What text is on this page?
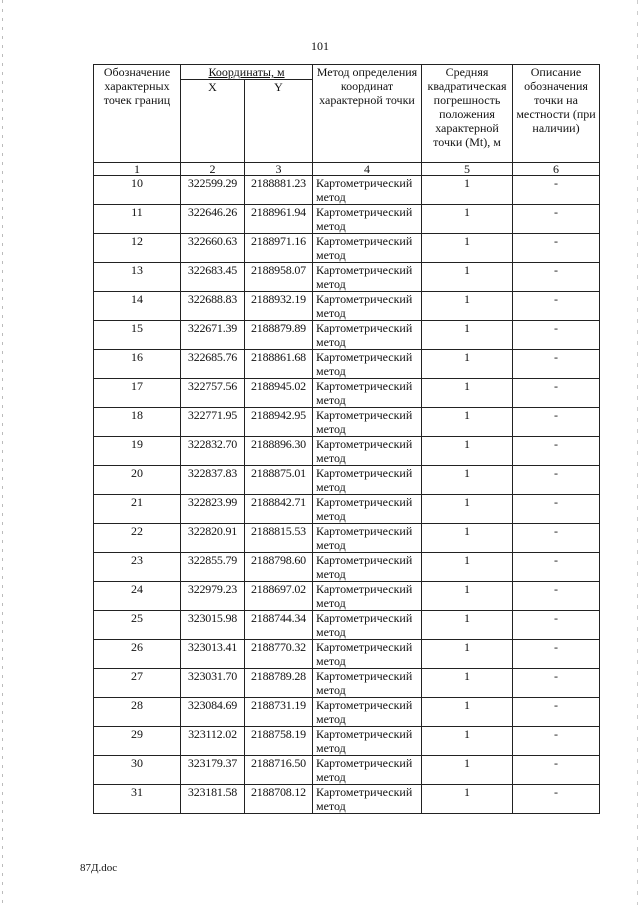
101
Обозначение характерных точек границ	Координаты, м		Метод определения координат характерной точки	Средняя квадратическая погрешность положения характерной точки (Mt), м	Описание обозначения точки на местности (при наличии)
	X	Y			
1	2	3	4	5	6
10	322599.29	2188881.23	Картометрический метод	1	-
11	322646.26	2188961.94	Картометрический метод	1	-
12	322660.63	2188971.16	Картометрический метод	1	-
13	322683.45	2188958.07	Картометрический метод	1	-
14	322688.83	2188932.19	Картометрический метод	1	-
15	322671.39	2188879.89	Картометрический метод	1	-
16	322685.76	2188861.68	Картометрический метод	1	-
17	322757.56	2188945.02	Картометрический метод	1	-
18	322771.95	2188942.95	Картометрический метод	1	-
19	322832.70	2188896.30	Картометрический метод	1	-
20	322837.83	2188875.01	Картометрический метод	1	-
21	322823.99	2188842.71	Картометрический метод	1	-
22	322820.91	2188815.53	Картометрический метод	1	-
23	322855.79	2188798.60	Картометрический метод	1	-
24	322979.23	2188697.02	Картометрический метод	1	-
25	323015.98	2188744.34	Картометрический метод	1	-
26	323013.41	2188770.32	Картометрический метод	1	-
27	323031.70	2188789.28	Картометрический метод	1	-
28	323084.69	2188731.19	Картометрический метод	1	-
29	323112.02	2188758.19	Картометрический метод	1	-
30	323179.37	2188716.50	Картометрический метод	1	-
31	323181.58	2188708.12	Картометрический метод	1	-
87Д.doc
